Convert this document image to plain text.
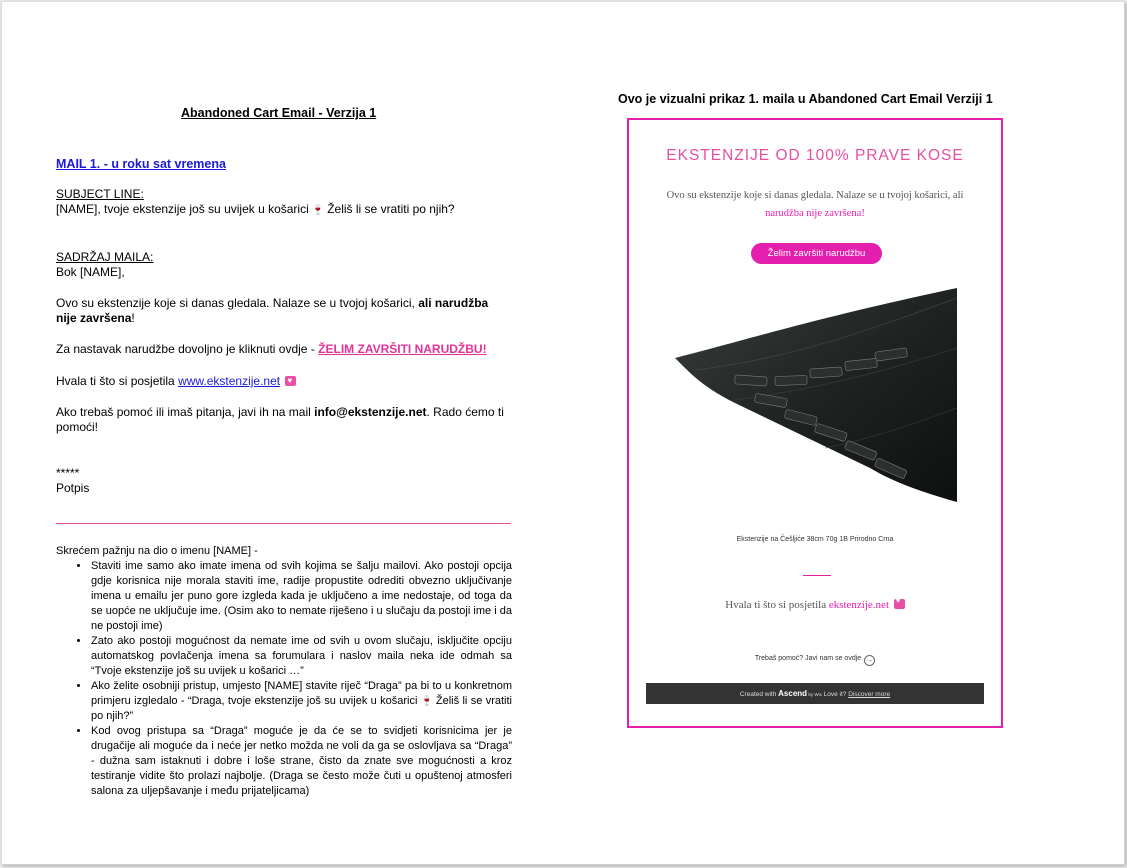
Abandoned Cart Email - Verzija 1
MAIL 1. - u roku sat vremena
SUBJECT LINE:
[NAME], tvoje ekstenzije još su uvijek u košarici 🍷 Želiš li se vratiti po njih?
SADRŽAJ MAILA:
Bok [NAME],
Ovo su ekstenzije koje si danas gledala. Nalaze se u tvojoj košarici, ali narudžba nije završena!
Za nastavak narudžbe dovoljno je kliknuti ovdje - ŽELIM ZAVRŠITI NARUDŽBU!
Hvala ti što si posjetila www.ekstenzije.net ♥
Ako trebaš pomoć ili imaš pitanja, javi ih na mail info@ekstenzije.net. Rado ćemo ti pomoći!
*****
Potpis
Skrećem pažnju na dio o imenu [NAME] -
• Staviti ime samo ako imate imena od svih kojima se šalju mailovi. Ako postoji opcija gdje korisnica nije morala staviti ime, radije propustite odrediti obvezno uključivanje imena u emailu jer puno gore izgleda kada je uključeno a ime nedostaje, od toga da se uopće ne uključuje ime. (Osim ako to nemate riješeno i u slučaju da postoji ime i da ne postoji ime)
• Zato ako postoji mogućnost da nemate ime od svih u ovom slučaju, isključite opciju automatskog povlačenja imena sa forumulara i naslov maila neka ide odmah sa “Tvoje ekstenzije još su uvijek u košarici …”
• Ako želite osobniji pristup, umjesto [NAME] stavite riječ “Draga” pa bi to u konkretnom primjeru izgledalo - “Draga, tvoje ekstenzije još su uvijek u košarici 🍷 Želiš li se vratiti po njih?”
• Kod ovog pristupa sa “Draga” moguće je da će se to svidjeti korisnicima jer je drugačije ali moguće da i neće jer netko možda ne voli da ga se oslovljava sa “Draga” - dužna sam istaknuti i dobre i loše strane, čisto da znate sve mogućnosti a kroz testiranje vidite što prolazi najbolje. (Draga se često može čuti u opuštenoj atmosferi salona za uljepšavanje i među prijateljicama)
Ovo je vizualni prikaz 1. maila u Abandoned Cart Email Verziji 1
EKSTENZIJE OD 100% PRAVE KOSE
Ovo su ekstenzije koje si danas gledala. Nalaze se u tvojoj košarici, ali
narudžba nije završena!
Želim završiti narudžbu
Ekstenzije na Češljiće 38cm 70g 1B Prirodno Crna
Hvala ti što si posjetila ekstenzije.net ♥
Trebaš pomoć? Javi nam se ovdje →
Created with Ascend by Wix Love it? Discover more
